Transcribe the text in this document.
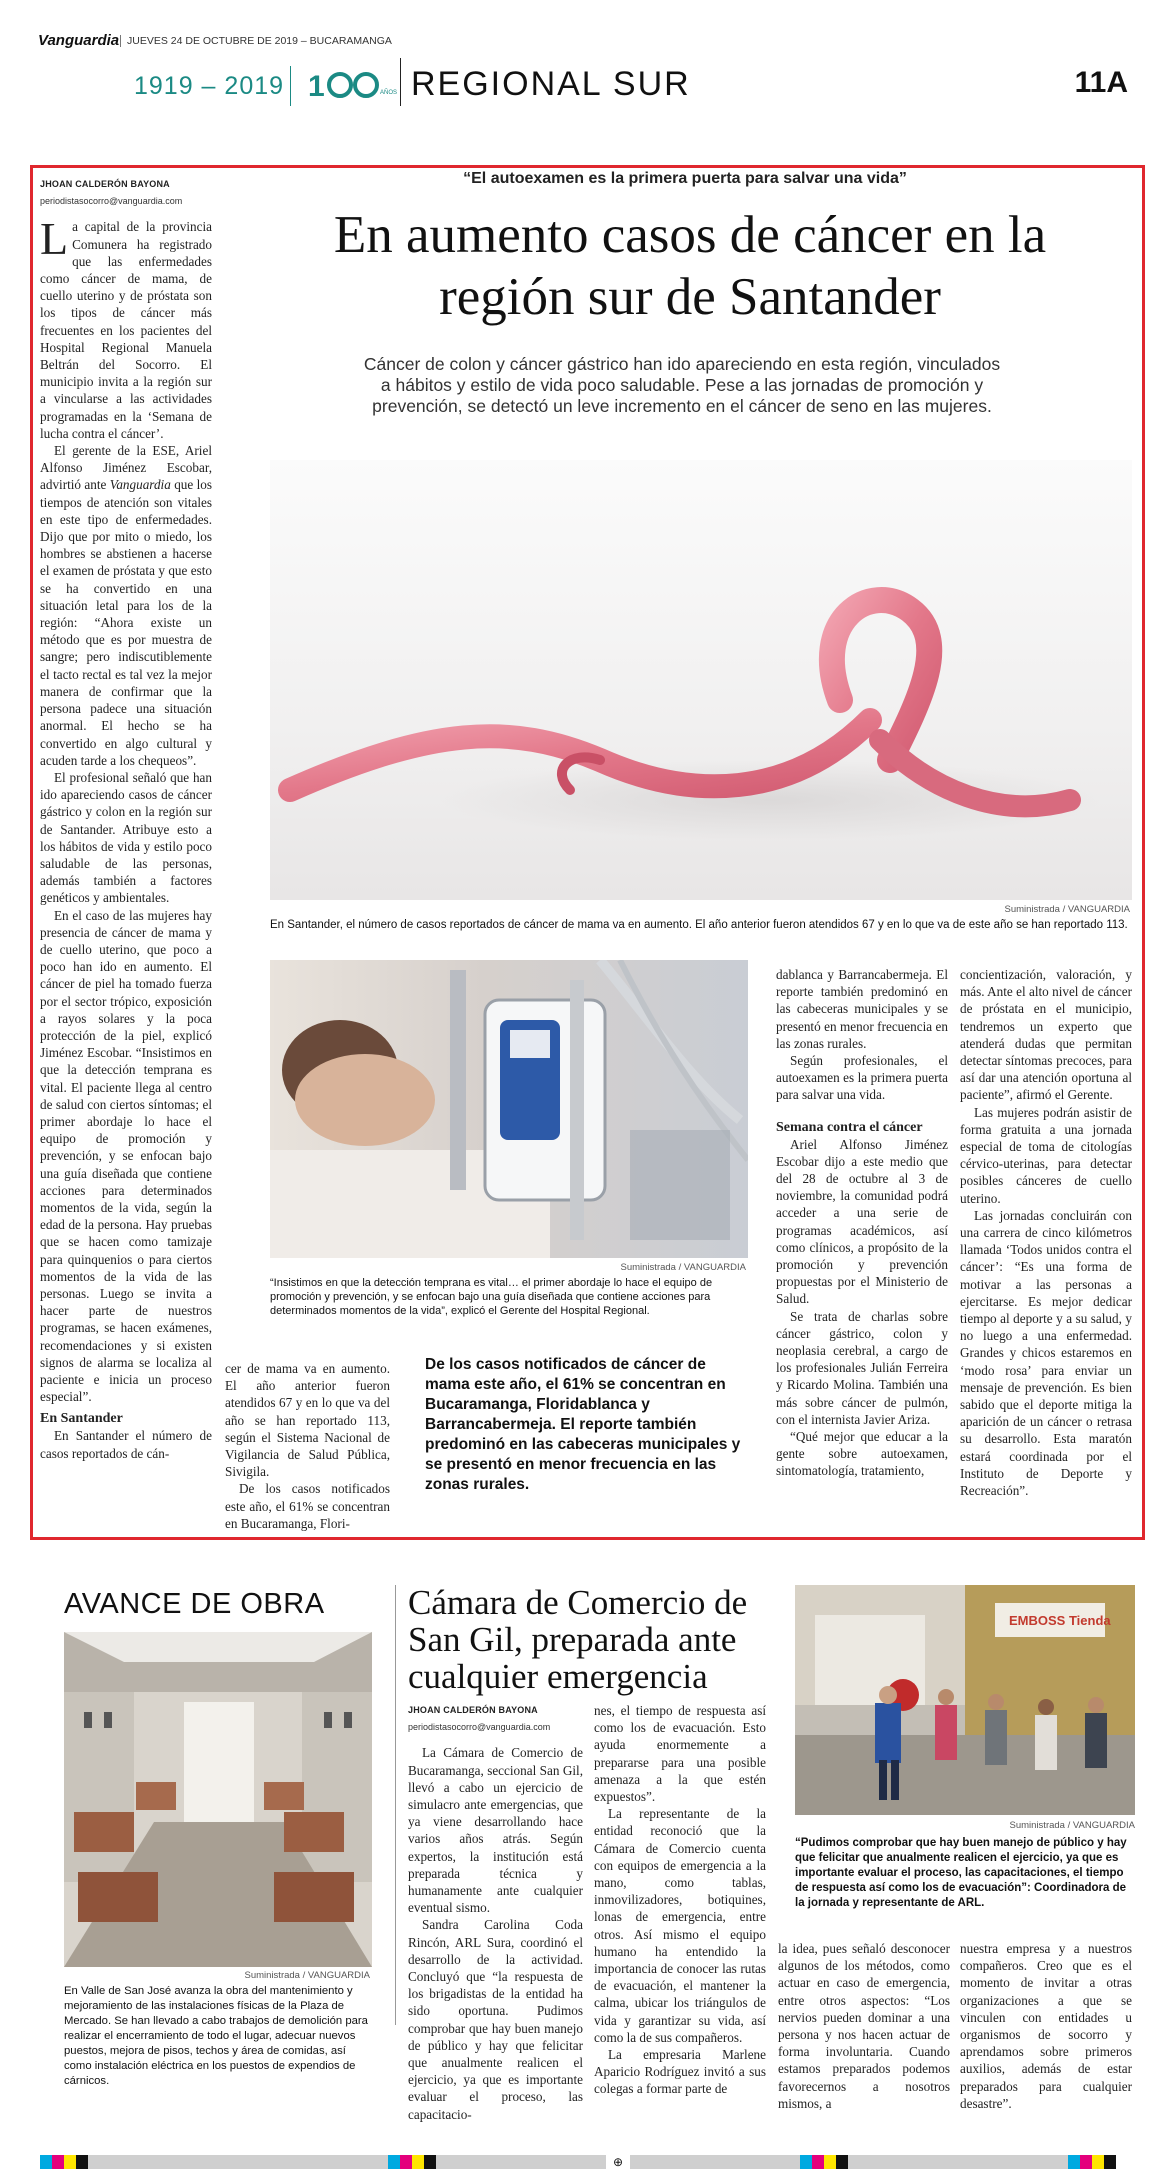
Vanguardia JUEVES 24 DE OCTUBRE DE 2019 – BUCARAMANGA
1919 – 2019 1	AÑOS REGIONAL SUR	11A
JHOAN CALDERÓN BAYONA
periodistasocorro@vanguardia.com

La capital de la provincia Comunera ha registrado que las enfermedades como cáncer de mama, de cuello uterino y de próstata son los tipos de cáncer más frecuentes en los pacientes del Hospital Regional Manuela Beltrán del Socorro. El municipio invita a la región sur a vincularse a las actividades programadas en la ‘Semana de lucha contra el cáncer’.

El gerente de la ESE, Ariel Alfonso Jiménez Escobar, advirtió ante Vanguardia que los tiempos de atención son vitales en este tipo de enfermedades. Dijo que por mito o miedo, los hombres se abstienen a hacerse el examen de próstata y que esto se ha convertido en una situación letal para los de la región: “Ahora existe un método que es por muestra de sangre; pero indiscutiblemente el tacto rectal es tal vez la mejor manera de confirmar que la persona padece una situación anormal. El hecho se ha convertido en algo cultural y acuden tarde a los chequeos”.

El profesional señaló que han ido apareciendo casos de cáncer gástrico y colon en la región sur de Santander. Atribuye esto a los hábitos de vida y estilo poco saludable de las personas, además también a factores genéticos y ambientales.

En el caso de las mujeres hay presencia de cáncer de mama y de cuello uterino, que poco a poco han ido en aumento. El cáncer de piel ha tomado fuerza por el sector trópico, exposición a rayos solares y la poca protección de la piel, explicó Jiménez Escobar. “Insistimos en que la detección temprana es vital. El paciente llega al centro de salud con ciertos síntomas; el primer abordaje lo hace el equipo de promoción y prevención, y se enfocan bajo una guía diseñada que contiene acciones para determinados momentos de la vida, según la edad de la persona. Hay pruebas que se hacen como tamizaje para quinquenios o para ciertos momentos de la vida de las personas. Luego se invita a hacer parte de nuestros programas, se hacen exámenes, recomendaciones y si existen signos de alarma se localiza al paciente e inicia un proceso especial”.

En Santander

En Santander el número de casos reportados de cán-

“El autoexamen es la primera puerta para salvar una vida”
En aumento casos de cáncer en la región sur de Santander
Cáncer de colon y cáncer gástrico han ido apareciendo en esta región, vinculados a hábitos y estilo de vida poco saludable. Pese a las jornadas de promoción y prevención, se detectó un leve incremento en el cáncer de seno en las mujeres.
Suministrada / VANGUARDIA
En Santander, el número de casos reportados de cáncer de mama va en aumento. El año anterior fueron atendidos 67 y en lo que va de este año se han reportado 113.
Suministrada / VANGUARDIA
“Insistimos en que la detección temprana es vital… el primer abordaje lo hace el equipo de promoción y prevención, y se enfocan bajo una guía diseñada que contiene acciones para determinados momentos de la vida”, explicó el Gerente del Hospital Regional.

cer de mama va en aumento. El año anterior fueron atendidos 67 y en lo que va del año se han reportado 113, según el Sistema Nacional de Vigilancia de Salud Pública, Sivigila.

De los casos notificados este año, el 61% se concentran en Bucaramanga, Flori-

De los casos notificados de cáncer de mama este año, el 61% se concentran en Bucaramanga, Floridablanca y Barrancabermeja. El reporte también predominó en las cabeceras municipales y se presentó en menor frecuencia en las zonas rurales.

dablanca y Barrancabermeja. El reporte también predominó en las cabeceras municipales y se presentó en menor frecuencia en las zonas rurales.

Según profesionales, el autoexamen es la primera puerta para salvar una vida.

Semana contra el cáncer

Ariel Alfonso Jiménez Escobar dijo a este medio que del 28 de octubre al 3 de noviembre, la comunidad podrá acceder a una serie de programas académicos, así como clínicos, a propósito de la promoción y prevención propuestas por el Ministerio de Salud.

Se trata de charlas sobre cáncer gástrico, colon y neoplasia cerebral, a cargo de los profesionales Julián Ferreira y Ricardo Molina. También una más sobre cáncer de pulmón, con el internista Javier Ariza.

“Qué mejor que educar a la gente sobre autoexamen, sintomatología, tratamiento,

concientización, valoración, y más. Ante el alto nivel de cáncer de próstata en el municipio, tendremos un experto que atenderá dudas que permitan detectar síntomas precoces, para así dar una atención oportuna al paciente”, afirmó el Gerente.

Las mujeres podrán asistir de forma gratuita a una jornada especial de toma de citologías cérvico-uterinas, para detectar posibles cánceres de cuello uterino.

Las jornadas concluirán con una carrera de cinco kilómetros llamada ‘Todos unidos contra el cáncer’: “Es una forma de motivar a las personas a ejercitarse. Es mejor dedicar tiempo al deporte y a su salud, y no luego a una enfermedad. Grandes y chicos estaremos en ‘modo rosa’ para enviar un mensaje de prevención. Es bien sabido que el deporte mitiga la aparición de un cáncer o retrasa su desarrollo. Esta maratón estará coordinada por el Instituto de Deporte y Recreación”.

AVANCE DE OBRA
Suministrada / VANGUARDIA
En Valle de San José avanza la obra del mantenimiento y mejoramiento de las instalaciones físicas de la Plaza de Mercado. Se han llevado a cabo trabajos de demolición para realizar el encerramiento de todo el lugar, adecuar nuevos puestos, mejora de pisos, techos y área de comidas, así como instalación eléctrica en los puestos de expendios de cárnicos.
Cámara de Comercio de San Gil, preparada ante cualquier emergencia
JHOAN CALDERÓN BAYONA
periodistasocorro@vanguardia.com

La Cámara de Comercio de Bucaramanga, seccional San Gil, llevó a cabo un ejercicio de simulacro ante emergencias, que ya viene desarrollando hace varios años atrás. Según expertos, la institución está preparada técnica y humanamente ante cualquier eventual sismo.

Sandra Carolina Coda Rincón, ARL Sura, coordinó el desarrollo de la actividad. Concluyó que “la respuesta de los brigadistas de la entidad ha sido oportuna. Pudimos comprobar que hay buen manejo de público y hay que felicitar que anualmente realicen el ejercicio, ya que es importante evaluar el proceso, las capacitacio-

nes, el tiempo de respuesta así como los de evacuación. Esto ayuda enormemente a prepararse para una posible amenaza a la que estén expuestos”.

La representante de la entidad reconoció que la Cámara de Comercio cuenta con equipos de emergencia a la mano, como tablas, inmovilizadores, botiquines, lonas de emergencia, entre otros. Así mismo el equipo humano ha entendido la importancia de conocer las rutas de evacuación, el mantener la calma, ubicar los triángulos de vida y garantizar su vida, así como la de sus compañeros.

La empresaria Marlene Aparicio Rodríguez invitó a sus colegas a formar parte de

la idea, pues señaló desconocer algunos de los métodos, como actuar en caso de emergencia, entre otros aspectos: “Los nervios pueden dominar a una persona y nos hacen actuar de forma involuntaria. Cuando estamos preparados podemos favorecernos a nosotros mismos, a

nuestra empresa y a nuestros compañeros. Creo que es el momento de invitar a otras organizaciones a que se vinculen con entidades u organismos de socorro y aprendamos sobre primeros auxilios, además de estar preparados para cualquier desastre”.

EMBOSS Tienda
Suministrada / VANGUARDIA
“Pudimos comprobar que hay buen manejo de público y hay que felicitar que anualmente realicen el ejercicio, ya que es importante evaluar el proceso, las capacitaciones, el tiempo de respuesta así como los de evacuación”: Coordinadora de la jornada y representante de ARL.
⊕
